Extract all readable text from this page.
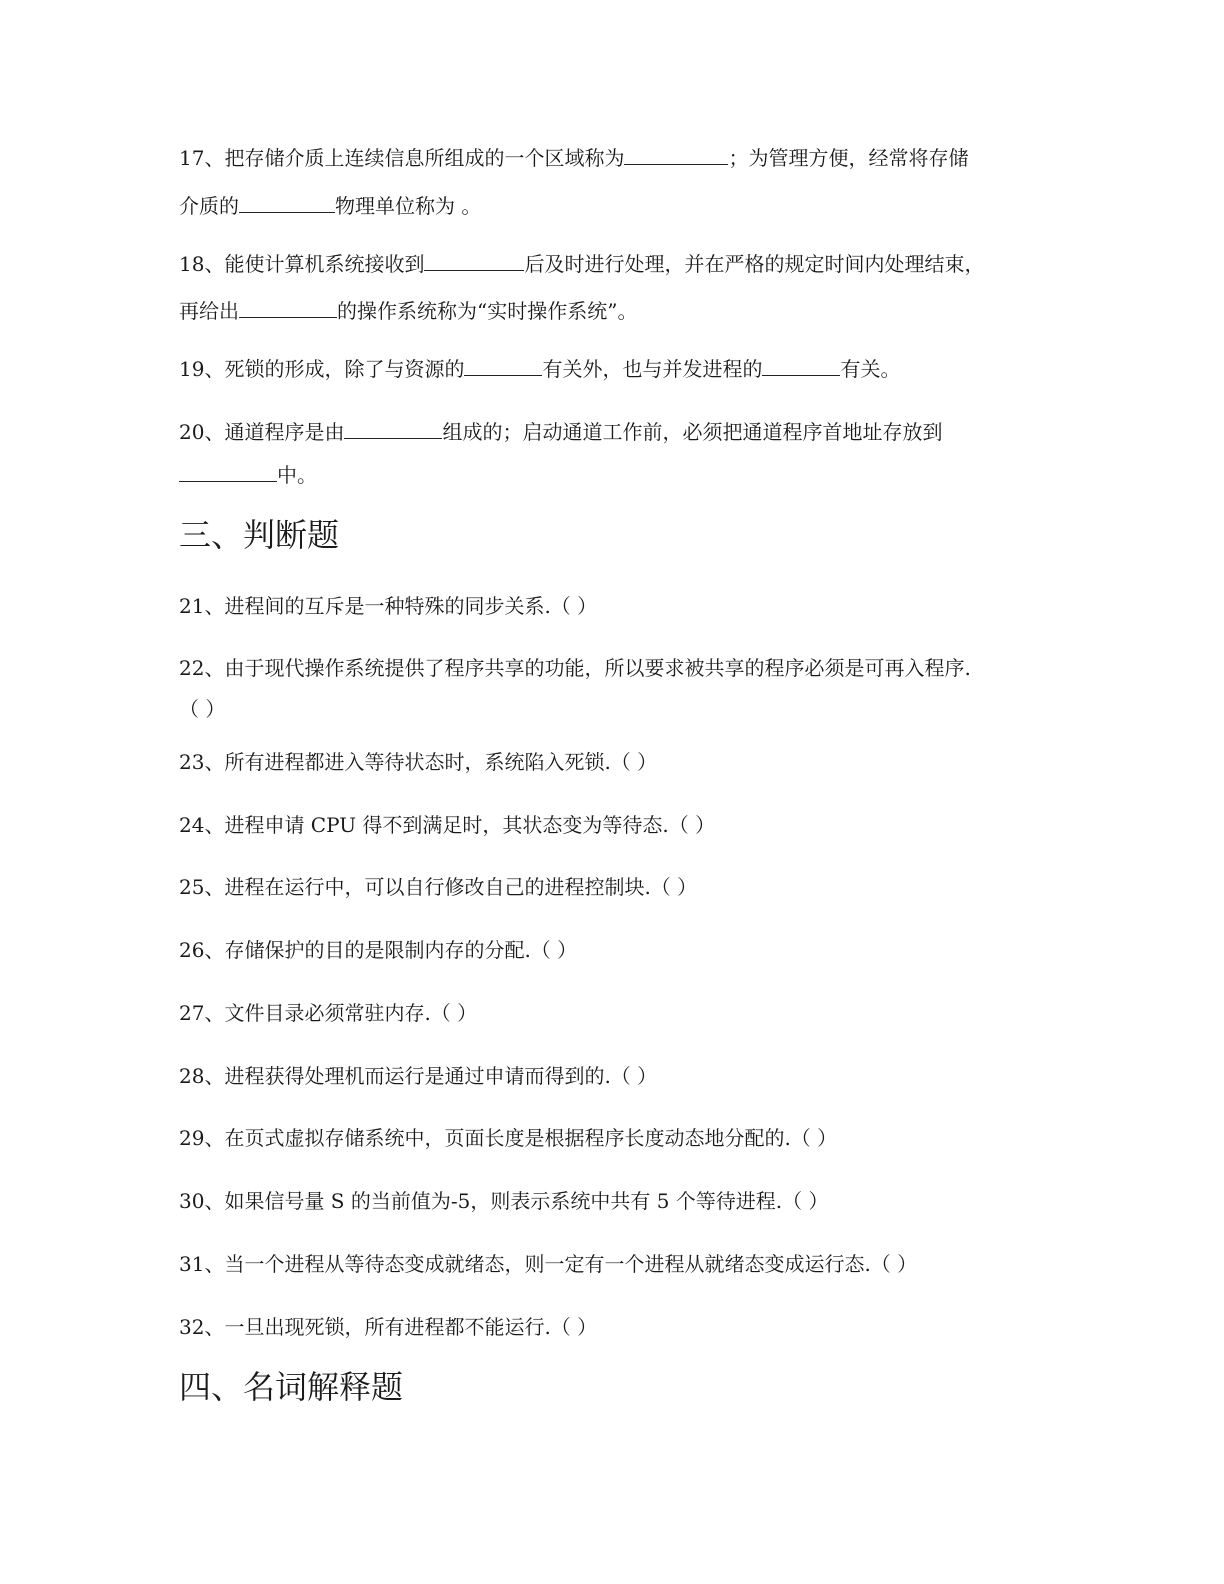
17、把存储介质上连续信息所组成的一个区域称为	；为管理方便，经常将存储
介质的	物理单位称为 。
18、能使计算机系统接收到	后及时进行处理，并在严格的规定时间内处理结束，
再给出	的操作系统称为“实时操作系统”。
19、死锁的形成，除了与资源的	有关外，也与并发进程的	有关。
20、通道程序是由	组成的；启动通道工作前，必须把通道程序首地址存放到
中。
三、判断题
21、进程间的互斥是一种特殊的同步关系.（ ）
22、由于现代操作系统提供了程序共享的功能，所以要求被共享的程序必须是可再入程序.
（ ）
23、所有进程都进入等待状态时，系统陷入死锁.（ ）
24、进程申请 CPU 得不到满足时，其状态变为等待态.（ ）
25、进程在运行中，可以自行修改自己的进程控制块.（ ）
26、存储保护的目的是限制内存的分配.（ ）
27、文件目录必须常驻内存.（ ）
28、进程获得处理机而运行是通过申请而得到的.（ ）
29、在页式虚拟存储系统中，页面长度是根据程序长度动态地分配的.（ ）
30、如果信号量 S 的当前值为-5，则表示系统中共有 5 个等待进程.（ ）
31、当一个进程从等待态变成就绪态，则一定有一个进程从就绪态变成运行态.（ ）
32、一旦出现死锁，所有进程都不能运行.（ ）
四、名词解释题
